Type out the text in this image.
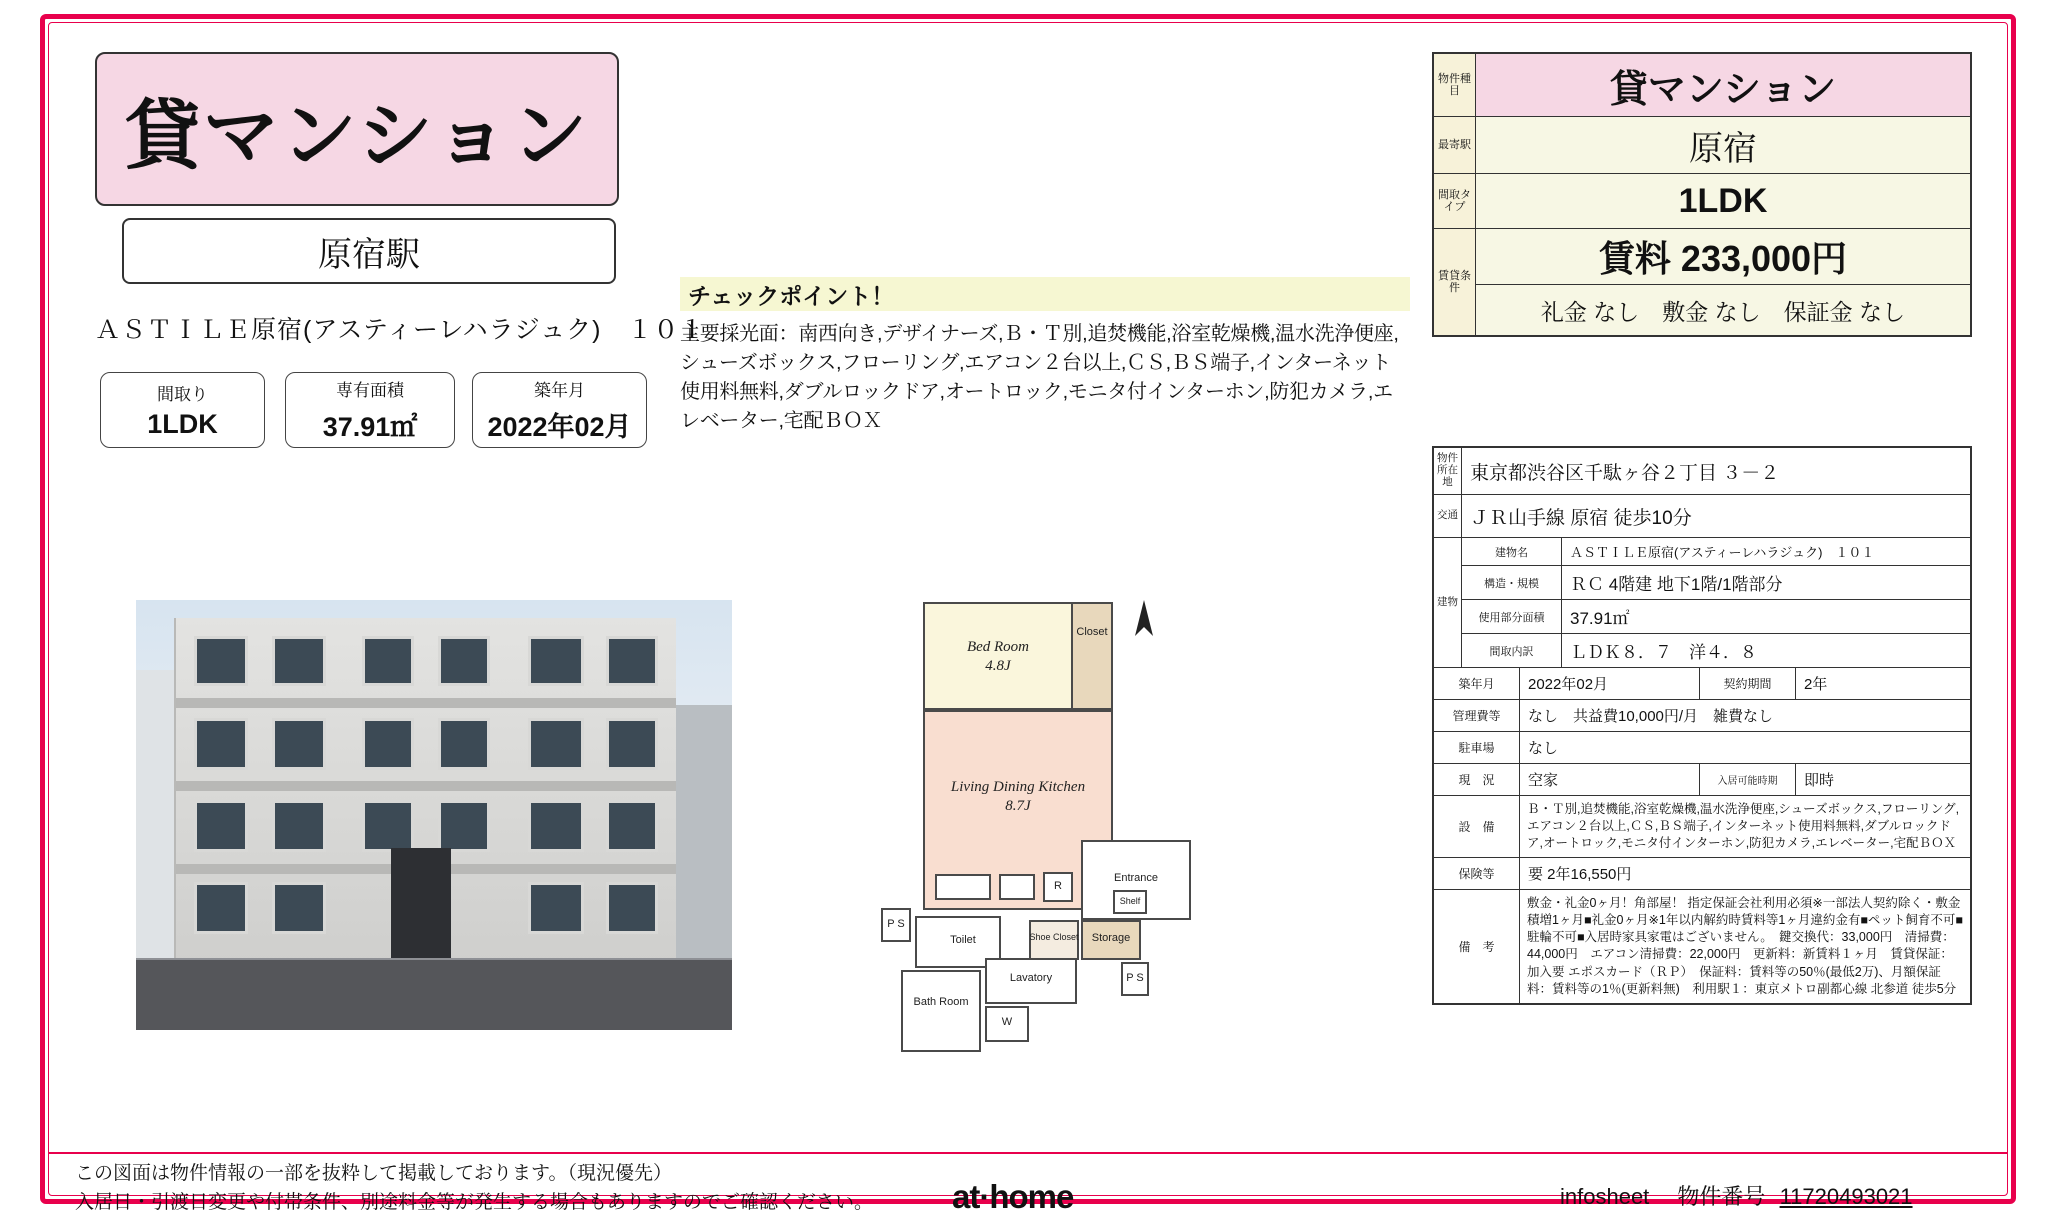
貸マンション
原宿駅
ＡＳＴＩＬＥ原宿(アスティーレハラジュク)　１０１
間取り
1LDK
専有面積
37.91㎡
築年月
2022年02月
チェックポイント！
主要採光面：南西向き,デザイナーズ,Ｂ・Ｔ別,追焚機能,浴室乾燥機,温水洗浄便座,シューズボックス,フローリング,エアコン２台以上,ＣＳ,ＢＳ端子,インターネット使用料無料,ダブルロックドア,オートロック,モニタ付インターホン,防犯カメラ,エレベーター,宅配ＢＯＸ
Bed Room
4.8J
Closet
Living Dining Kitchen
8.7J
R
P S
P S
Toilet
Bath Room
Lavatory
W
Storage
Shoe Closet
Entrance
Shelf
物件種目	貸マンション
最寄駅	原宿
間取タイプ	1LDK
賃貸条件
賃料 233,000円
礼金 なし　敷金 なし　保証金 なし
物件所在地 東京都渋谷区千駄ヶ谷２丁目 ３－２
交通 ＪＲ山手線 原宿 徒歩10分
建物
建物名	ＡＳＴＩＬＥ原宿(アスティーレハラジュク)　１０１
構造・規模	ＲＣ 4階建 地下1階/1階部分
使用部分面積	37.91㎡
間取内訳	ＬＤＫ８．７　洋４．８
築年月	2022年02月	契約期間	2年
管理費等	なし　共益費10,000円/月　雑費なし
駐車場	なし
現　況	空家	入居可能時期	即時
設　備
Ｂ・Ｔ別,追焚機能,浴室乾燥機,温水洗浄便座,シューズボックス,フローリング,エアコン２台以上,ＣＳ,ＢＳ端子,インターネット使用料無料,ダブルロックドア,オートロック,モニタ付インターホン,防犯カメラ,エレベーター,宅配ＢＯＸ
保険等	要 2年16,550円
備　考
敷金・礼金0ヶ月！角部屋！ 指定保証会社利用必須※一部法人契約除く・敷金積増1ヶ月■礼金0ヶ月※1年以内解約時賃料等1ヶ月違約金有■ペット飼育不可■駐輪不可■入居時家具家電はございません。　鍵交換代：33,000円　清掃費：44,000円　エアコン清掃費：22,000円　更新料：新賃料１ヶ月　賃貸保証：加入要 エポスカード（ＲＰ）　保証料：賃料等の50％(最低2万)、月額保証料：賃料等の1％(更新料無)　利用駅１：東京メトロ副都心線 北参道 徒歩5分
この図面は物件情報の一部を抜粋して掲載しております。（現況優先）
入居日・引渡日変更や付帯条件、別途料金等が発生する場合もありますのでご確認ください。 at·home	infosheet 物件番号 11720493021
